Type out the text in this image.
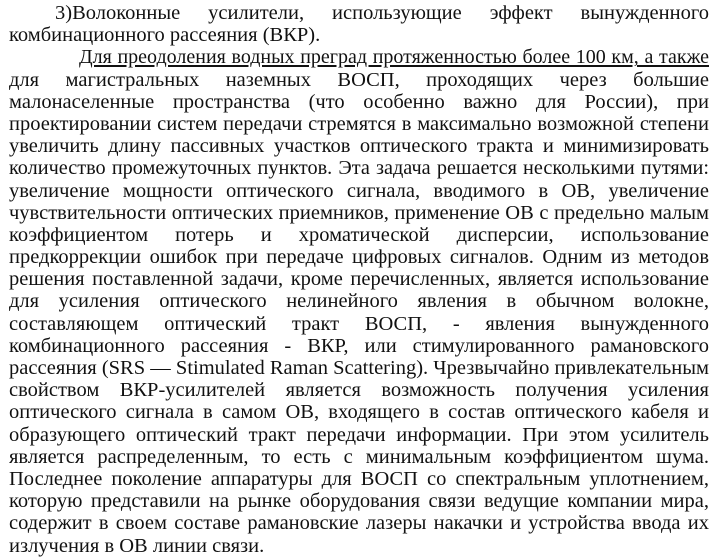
3)Волоконные усилители, использующие эффект вынужденного
комбинационного рассеяния (ВКР).
Для преодоления водных преград протяженностью более 100 км, а также
для магистральных наземных ВОСП, проходящих через большие
малонаселенные пространства (что особенно важно для России), при
проектировании систем передачи стремятся в максимально возможной степени
увеличить длину пассивных участков оптического тракта и минимизировать
количество промежуточных пунктов. Эта задача решается несколькими путями:
увеличение мощности оптического сигнала, вводимого в ОВ, увеличение
чувствительности оптических приемников, применение ОВ с предельно малым
коэффициентом потерь и хроматической дисперсии, использование
предкоррекции ошибок при передаче цифровых сигналов. Одним из методов
решения поставленной задачи, кроме перечисленных, является использование
для усиления оптического нелинейного явления в обычном волокне,
составляющем оптический тракт ВОСП, - явления вынужденного
комбинационного рассеяния - ВКР, или стимулированного рамановского
рассеяния (SRS — Stimulated Raman Scattering). Чрезвычайно привлекательным
свойством ВКР-усилителей является возможность получения усиления
оптического сигнала в самом ОВ, входящего в состав оптического кабеля и
образующего оптический тракт передачи информации. При этом усилитель
является распределенным, то есть с минимальным коэффициентом шума.
Последнее поколение аппаратуры для ВОСП со спектральным уплотнением,
которую представили на рынке оборудования связи ведущие компании мира,
содержит в своем составе рамановские лазеры накачки и устройства ввода их
излучения в ОВ линии связи.
